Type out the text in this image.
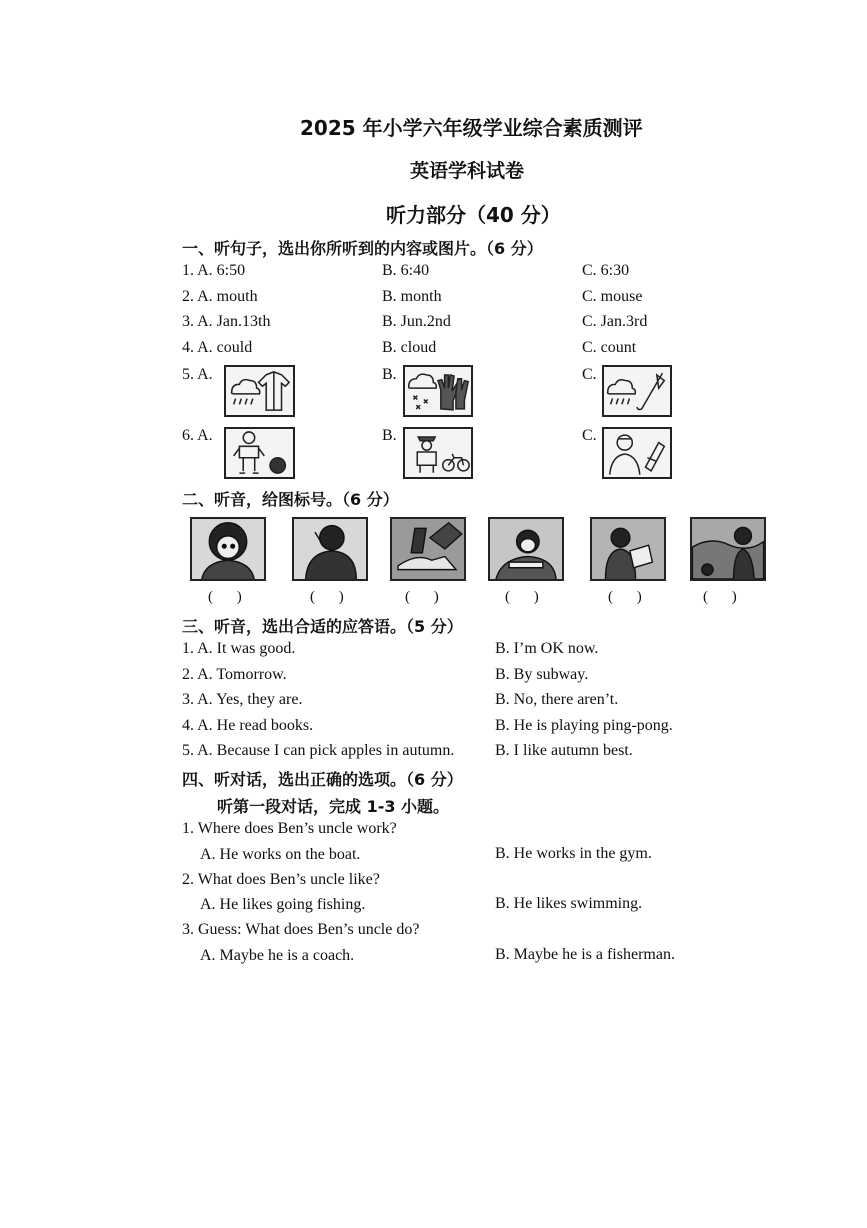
2025 年小学六年级学业综合素质测评
英语学科试卷
听力部分（40 分）
一、听句子，选出你所听到的内容或图片。（6 分）
1. A. 6:50	B. 6:40	C. 6:30
2. A. mouth	B. month	C. mouse
3. A. Jan.13th	B. Jun.2nd	C. Jan.3rd
4. A. could	B. cloud	C. count
5. A.	B.	C.
6. A.	B.	C.
二、听音，给图标号。（6 分）
( )	( )	( )	( )	( )	( )
三、听音，选出合适的应答语。（5 分）
1. A. It was good.	B. I’m OK now.
2. A. Tomorrow.	B. By subway.
3. A. Yes, they are.	B. No, there aren’t.
4. A. He read books.	B. He is playing ping-pong.
5. A. Because I can pick apples in autumn.	B. I like autumn best.
四、听对话，选出正确的选项。（6 分）
听第一段对话，完成 1-3 小题。
1. Where does Ben’s uncle work?
A. He works on the boat.	B. He works in the gym.
2. What does Ben’s uncle like?
A. He likes going fishing.	B. He likes swimming.
3. Guess: What does Ben’s uncle do?
A. Maybe he is a coach.	B. Maybe he is a fisherman.
